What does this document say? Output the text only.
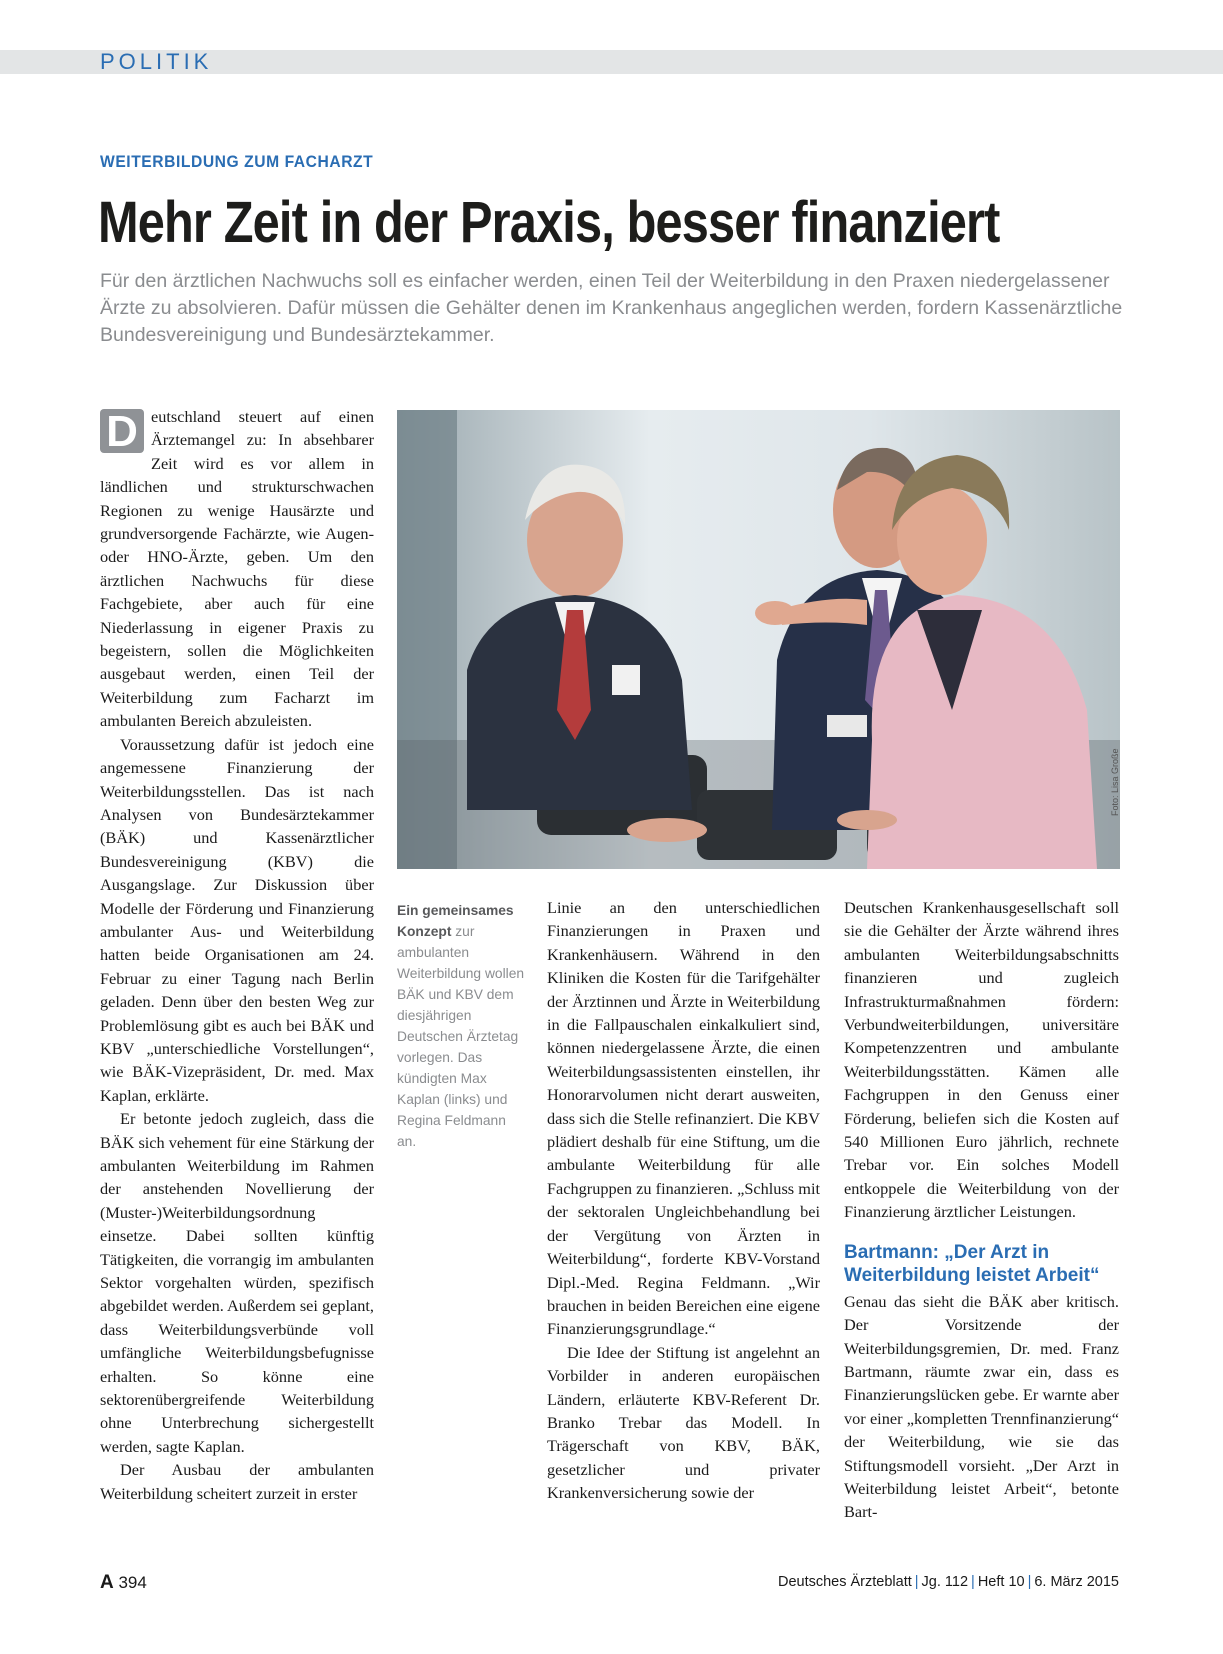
POLITIK
WEITERBILDUNG ZUM FACHARZT
Mehr Zeit in der Praxis, besser finanziert
Für den ärztlichen Nachwuchs soll es einfacher werden, einen Teil der Weiterbildung in den Praxen niedergelassener Ärzte zu absolvieren. Dafür müssen die Gehälter denen im Krankenhaus angeglichen werden, fordern Kassenärztliche Bundesvereinigung und Bundesärztekammer.

D eutschland steuert auf einen Ärztemangel zu: In absehbarer Zeit wird es vor allem in ländlichen und strukturschwachen Regionen zu wenige Hausärzte und grundversorgende Fachärzte, wie Augen- oder HNO-Ärzte, geben. Um den ärztlichen Nachwuchs für diese Fachgebiete, aber auch für eine Niederlassung in eigener Praxis zu begeistern, sollen die Möglichkeiten ausgebaut werden, einen Teil der Weiterbildung zum Facharzt im ambulanten Bereich abzuleisten.

Voraussetzung dafür ist jedoch eine angemessene Finanzierung der Weiterbildungsstellen. Das ist nach Analysen von Bundesärztekammer (BÄK) und Kassenärztlicher Bundesvereinigung (KBV) die Ausgangslage. Zur Diskussion über Modelle der Förderung und Finanzierung ambulanter Aus- und Weiterbildung hatten beide Organisationen am 24. Februar zu einer Tagung nach Berlin geladen. Denn über den besten Weg zur Problemlösung gibt es auch bei BÄK und KBV „unterschiedliche Vorstellungen“, wie BÄK-Vizepräsident, Dr. med. Max Kaplan, erklärte.

Er betonte jedoch zugleich, dass die BÄK sich vehement für eine Stärkung der ambulanten Weiterbildung im Rahmen der anstehenden Novellierung der (Muster-)Weiterbildungsordnung einsetze. Dabei sollten künftig Tätigkeiten, die vorrangig im ambulanten Sektor vorgehalten würden, spezifisch abgebildet werden. Außerdem sei geplant, dass Weiterbildungsverbünde voll umfängliche Weiterbildungsbefugnisse erhalten. So könne eine sektorenübergreifende Weiterbildung ohne Unterbrechung sichergestellt werden, sagte Kaplan.

Der Ausbau der ambulanten Weiterbildung scheitert zurzeit in erster

Foto: Lisa Große
Ein gemeinsames Konzept zur ambulanten Weiterbildung wollen BÄK und KBV dem diesjährigen Deutschen Ärztetag vorlegen. Das kündigten Max Kaplan (links) und Regina Feldmann an.

Linie an den unterschiedlichen Finanzierungen in Praxen und Krankenhäusern. Während in den Kliniken die Kosten für die Tarifgehälter der Ärztinnen und Ärzte in Weiterbildung in die Fallpauschalen einkalkuliert sind, können niedergelassene Ärzte, die einen Weiterbildungsassistenten einstellen, ihr Honorarvolumen nicht derart ausweiten, dass sich die Stelle refinanziert. Die KBV plädiert deshalb für eine Stiftung, um die ambulante Weiterbildung für alle Fachgruppen zu finanzieren. „Schluss mit der sektoralen Ungleichbehandlung bei der Vergütung von Ärzten in Weiterbildung“, forderte KBV-Vorstand Dipl.-Med. Regina Feldmann. „Wir brauchen in beiden Bereichen eine eigene Finanzierungsgrundlage.“

Die Idee der Stiftung ist angelehnt an Vorbilder in anderen europäischen Ländern, erläuterte KBV-Referent Dr. Branko Trebar das Modell. In Trägerschaft von KBV, BÄK, gesetzlicher und privater Krankenversicherung sowie der

Deutschen Krankenhausgesellschaft soll sie die Gehälter der Ärzte während ihres ambulanten Weiterbildungsabschnitts finanzieren und zugleich Infrastrukturmaßnahmen fördern: Verbundweiterbildungen, universitäre Kompetenzzentren und ambulante Weiterbildungsstätten. Kämen alle Fachgruppen in den Genuss einer Förderung, beliefen sich die Kosten auf 540 Millionen Euro jährlich, rechnete Trebar vor. Ein solches Modell entkoppele die Weiterbildung von der Finanzierung ärztlicher Leistungen.

Bartmann: „Der Arzt in Weiterbildung leistet Arbeit“

Genau das sieht die BÄK aber kritisch. Der Vorsitzende der Weiterbildungsgremien, Dr. med. Franz Bartmann, räumte zwar ein, dass es Finanzierungslücken gebe. Er warnte aber vor einer „kompletten Trennfinanzierung“ der Weiterbildung, wie sie das Stiftungsmodell vorsieht. „Der Arzt in Weiterbildung leistet Arbeit“, betonte Bart-

A 394	Deutsches Ärzteblatt | Jg. 112 | Heft 10 | 6. März 2015
